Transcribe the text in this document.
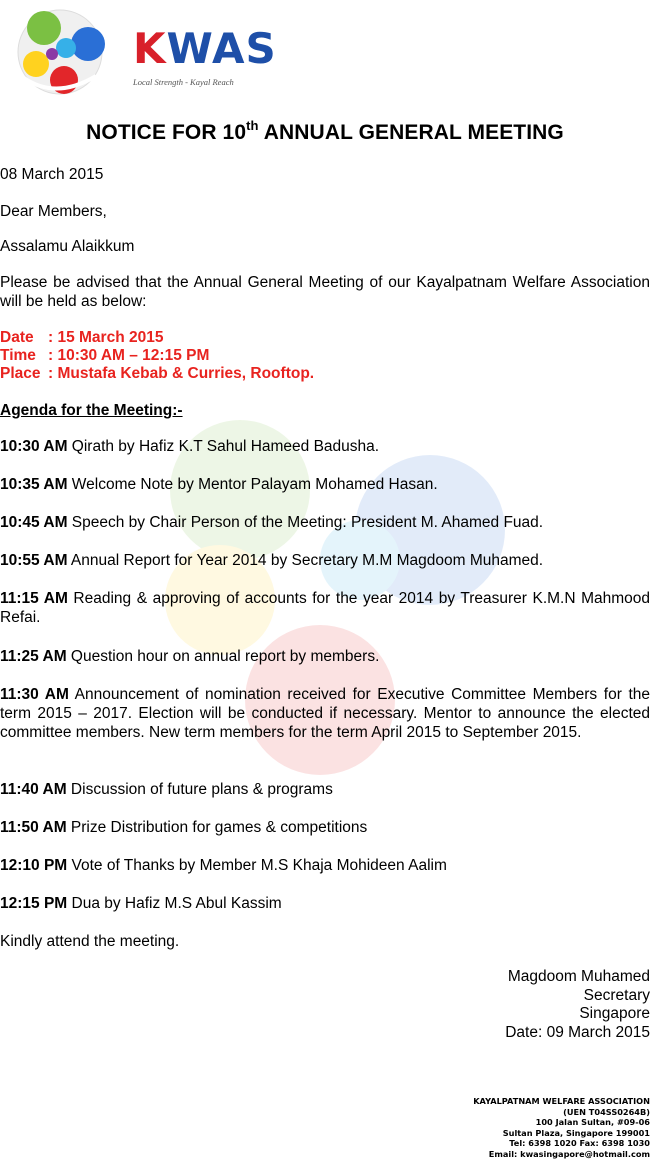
KWAS
Local Strength - Kayal Reach
NOTICE FOR 10th ANNUAL GENERAL MEETING

08 March 2015

Dear Members,

Assalamu Alaikkum

Please be advised that the Annual General Meeting of our Kayalpatnam Welfare Association will be held as below:

Date : 15 March 2015
Time : 10:30 AM – 12:15 PM
Place : Mustafa Kebab & Curries, Rooftop.

Agenda for the Meeting:-

10:30 AM Qirath by Hafiz K.T Sahul Hameed Badusha.

10:35 AM Welcome Note by Mentor Palayam Mohamed Hasan.

10:45 AM Speech by Chair Person of the Meeting: President M. Ahamed Fuad.

10:55 AM Annual Report for Year 2014 by Secretary M.M Magdoom Muhamed.

11:15 AM Reading & approving of accounts for the year 2014 by Treasurer K.M.N Mahmood Refai.

11:25 AM Question hour on annual report by members.

11:30 AM Announcement of nomination received for Executive Committee Members for the term 2015 – 2017. Election will be conducted if necessary. Mentor to announce the elected committee members. New term members for the term April 2015 to September 2015.

11:40 AM Discussion of future plans & programs

11:50 AM Prize Distribution for games & competitions

12:10 PM Vote of Thanks by Member M.S Khaja Mohideen Aalim

12:15 PM Dua by Hafiz M.S Abul Kassim

Kindly attend the meeting.

Magdoom Muhamed
Secretary
Singapore
Date: 09 March 2015
KAYALPATNAM WELFARE ASSOCIATION
(UEN T04SS0264B)
100 Jalan Sultan, #09-06
Sultan Plaza, Singapore 199001
Tel: 6398 1020 Fax: 6398 1030
Email: kwasingapore@hotmail.com
